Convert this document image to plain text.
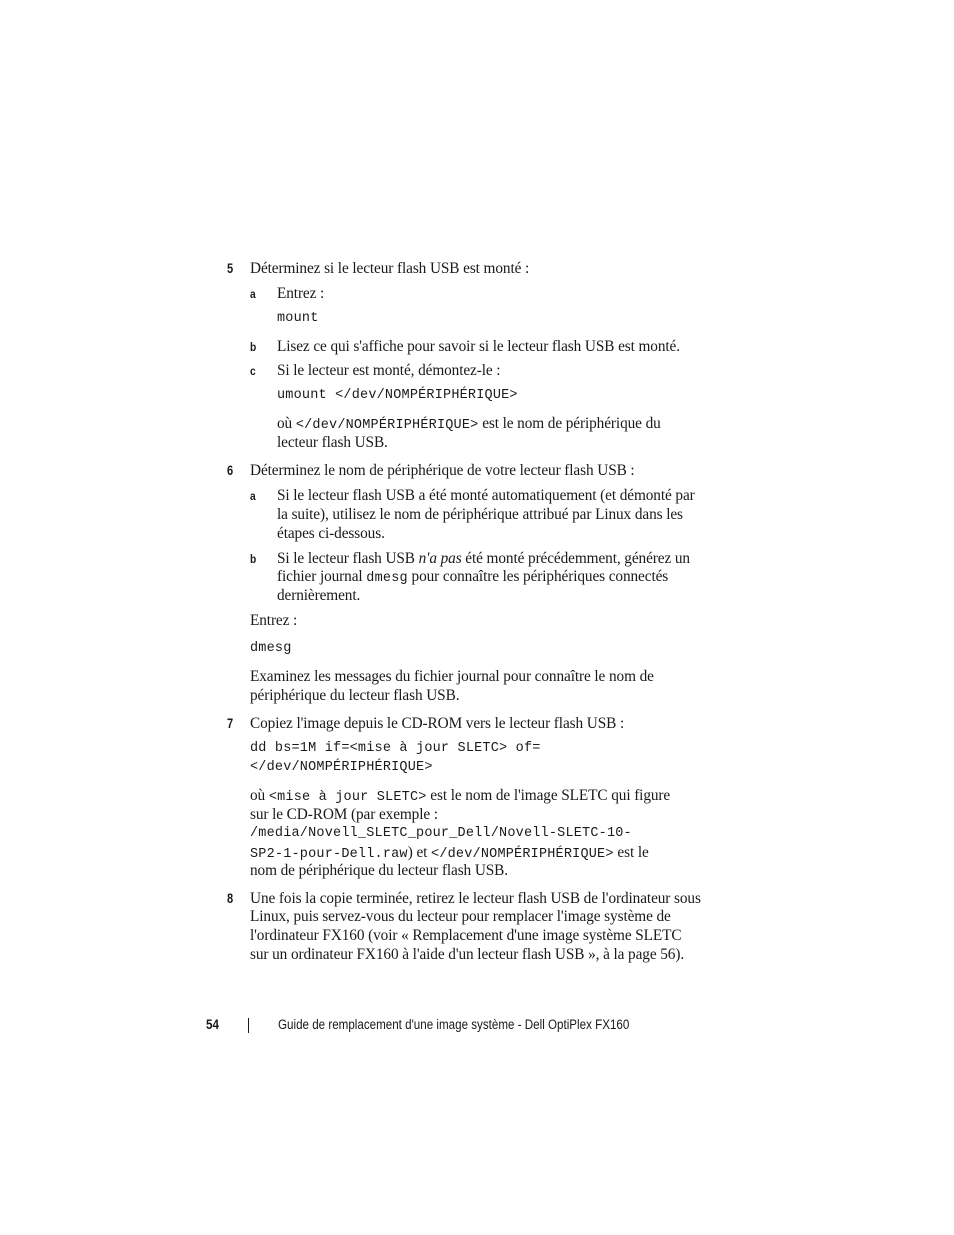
5 Déterminez si le lecteur flash USB est monté :
a Entrez :
mount
b Lisez ce qui s'affiche pour savoir si le lecteur flash USB est monté.
c Si le lecteur est monté, démontez-le :
umount </dev/NOMPÉRIPHÉRIQUE>
où </dev/NOMPÉRIPHÉRIQUE> est le nom de périphérique du
lecteur flash USB.
6 Déterminez le nom de périphérique de votre lecteur flash USB :
a Si le lecteur flash USB a été monté automatiquement (et démonté par
la suite), utilisez le nom de périphérique attribué par Linux dans les
étapes ci-dessous.
b Si le lecteur flash USB n'a pas été monté précédemment, générez un
fichier journal dmesg pour connaître les périphériques connectés
dernièrement.
Entrez :
dmesg
Examinez les messages du fichier journal pour connaître le nom de
périphérique du lecteur flash USB.
7 Copiez l'image depuis le CD-ROM vers le lecteur flash USB :
dd bs=1M if=<mise à jour SLETC> of=
</dev/NOMPÉRIPHÉRIQUE>
où <mise à jour SLETC> est le nom de l'image SLETC qui figure
sur le CD-ROM (par exemple :
/media/Novell_SLETC_pour_Dell/Novell-SLETC-10-
SP2-1-pour-Dell.raw) et </dev/NOMPÉRIPHÉRIQUE> est le
nom de périphérique du lecteur flash USB.
8 Une fois la copie terminée, retirez le lecteur flash USB de l'ordinateur sous
Linux, puis servez-vous du lecteur pour remplacer l'image système de
l'ordinateur FX160 (voir « Remplacement d'une image système SLETC
sur un ordinateur FX160 à l'aide d'un lecteur flash USB », à la page 56).
54	Guide de remplacement d'une image système - Dell OptiPlex FX160
